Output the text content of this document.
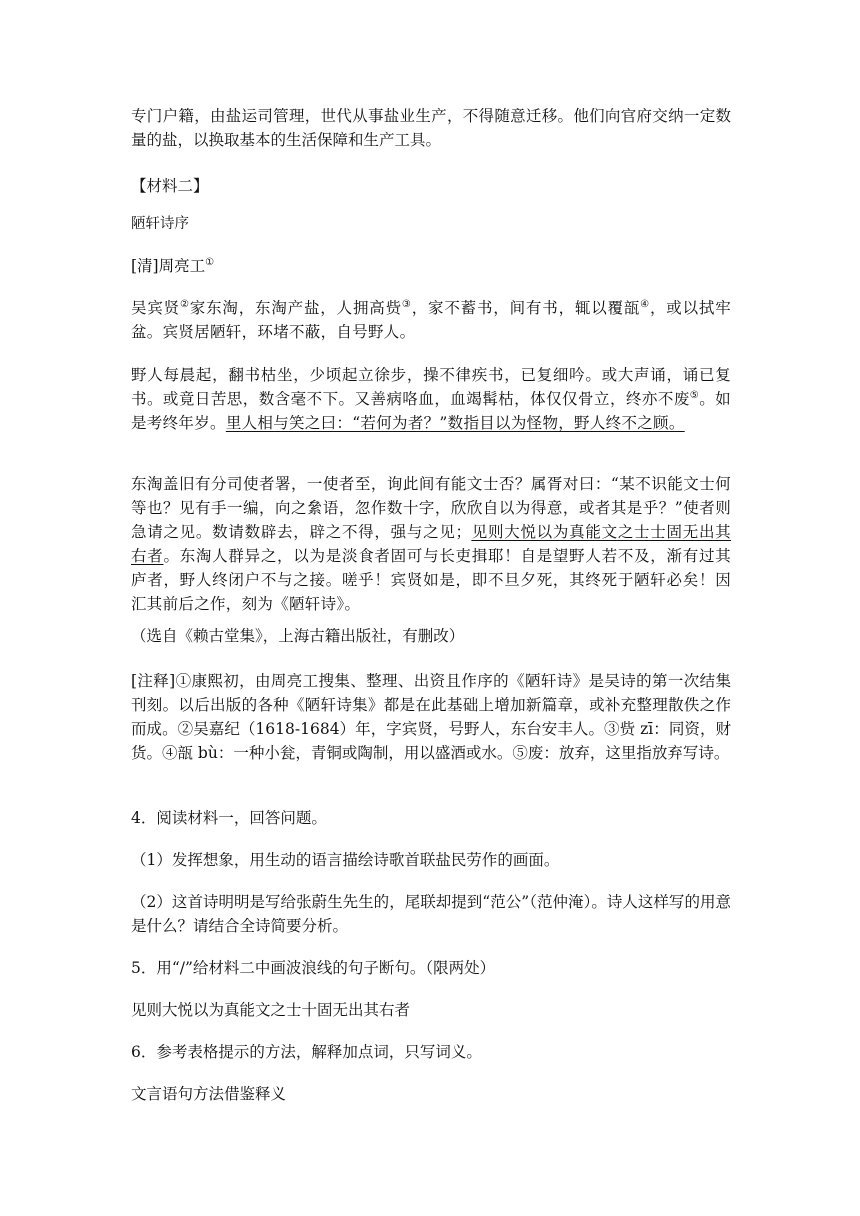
专门户籍，由盐运司管理，世代从事盐业生产，不得随意迁移。他们向官府交纳一定数量的盐，以换取基本的生活保障和生产工具。

【材料二】

陋轩诗序

[清]周亮工①

吴宾贤②家东淘，东淘产盐，人拥高赀③，家不蓄书，间有书，辄以覆瓿④，或以拭牢盆。宾贤居陋轩，环堵不蔽，自号野人。

野人每晨起，翻书枯坐，少顷起立徐步，操不律疾书，已复细吟。或大声诵，诵已复书。或竟日苦思，数含毫不下。又善病咯血，血竭髯枯，体仅仅骨立，终亦不废⑤。如是考终年岁。里人相与笑之曰：“若何为者？”数指目以为怪物，野人终不之顾。

东淘盖旧有分司使者署，一使者至，询此间有能文士否？属胥对曰：“某不识能文士何等也？见有手一编，向之絫语，忽作数十字，欣欣自以为得意，或者其是乎？”使者则急请之见。数请数辟去，辟之不得，强与之见；见则大悦以为真能文之士士固无出其右者。东淘人群异之，以为是淡食者固可与长吏揖耶！自是望野人若不及，渐有过其庐者，野人终闭户不与之接。嗟乎！宾贤如是，即不旦夕死，其终死于陋轩必矣！因汇其前后之作，刻为《陋轩诗》。

（选自《赖古堂集》，上海古籍出版社，有删改）

[注释]①康熙初，由周亮工搜集、整理、出资且作序的《陋轩诗》是吴诗的第一次结集刊刻。以后出版的各种《陋轩诗集》都是在此基础上增加新篇章，或补充整理散佚之作而成。②吴嘉纪（1618-1684）年，字宾贤，号野人，东台安丰人。③赀 zī：同资，财货。④瓿 bù：一种小瓮，青铜或陶制，用以盛酒或水。⑤废：放弃，这里指放弃写诗。

4．阅读材料一，回答问题。

（1）发挥想象，用生动的语言描绘诗歌首联盐民劳作的画面。

（2）这首诗明明是写给张蔚生先生的，尾联却提到“范公”（范仲淹）。诗人这样写的用意是什么？请结合全诗简要分析。

5．用“/”给材料二中画波浪线的句子断句。（限两处）

见则大悦以为真能文之士十固无出其右者

6．参考表格提示的方法，解释加点词，只写词义。

文言语句方法借鉴释义
